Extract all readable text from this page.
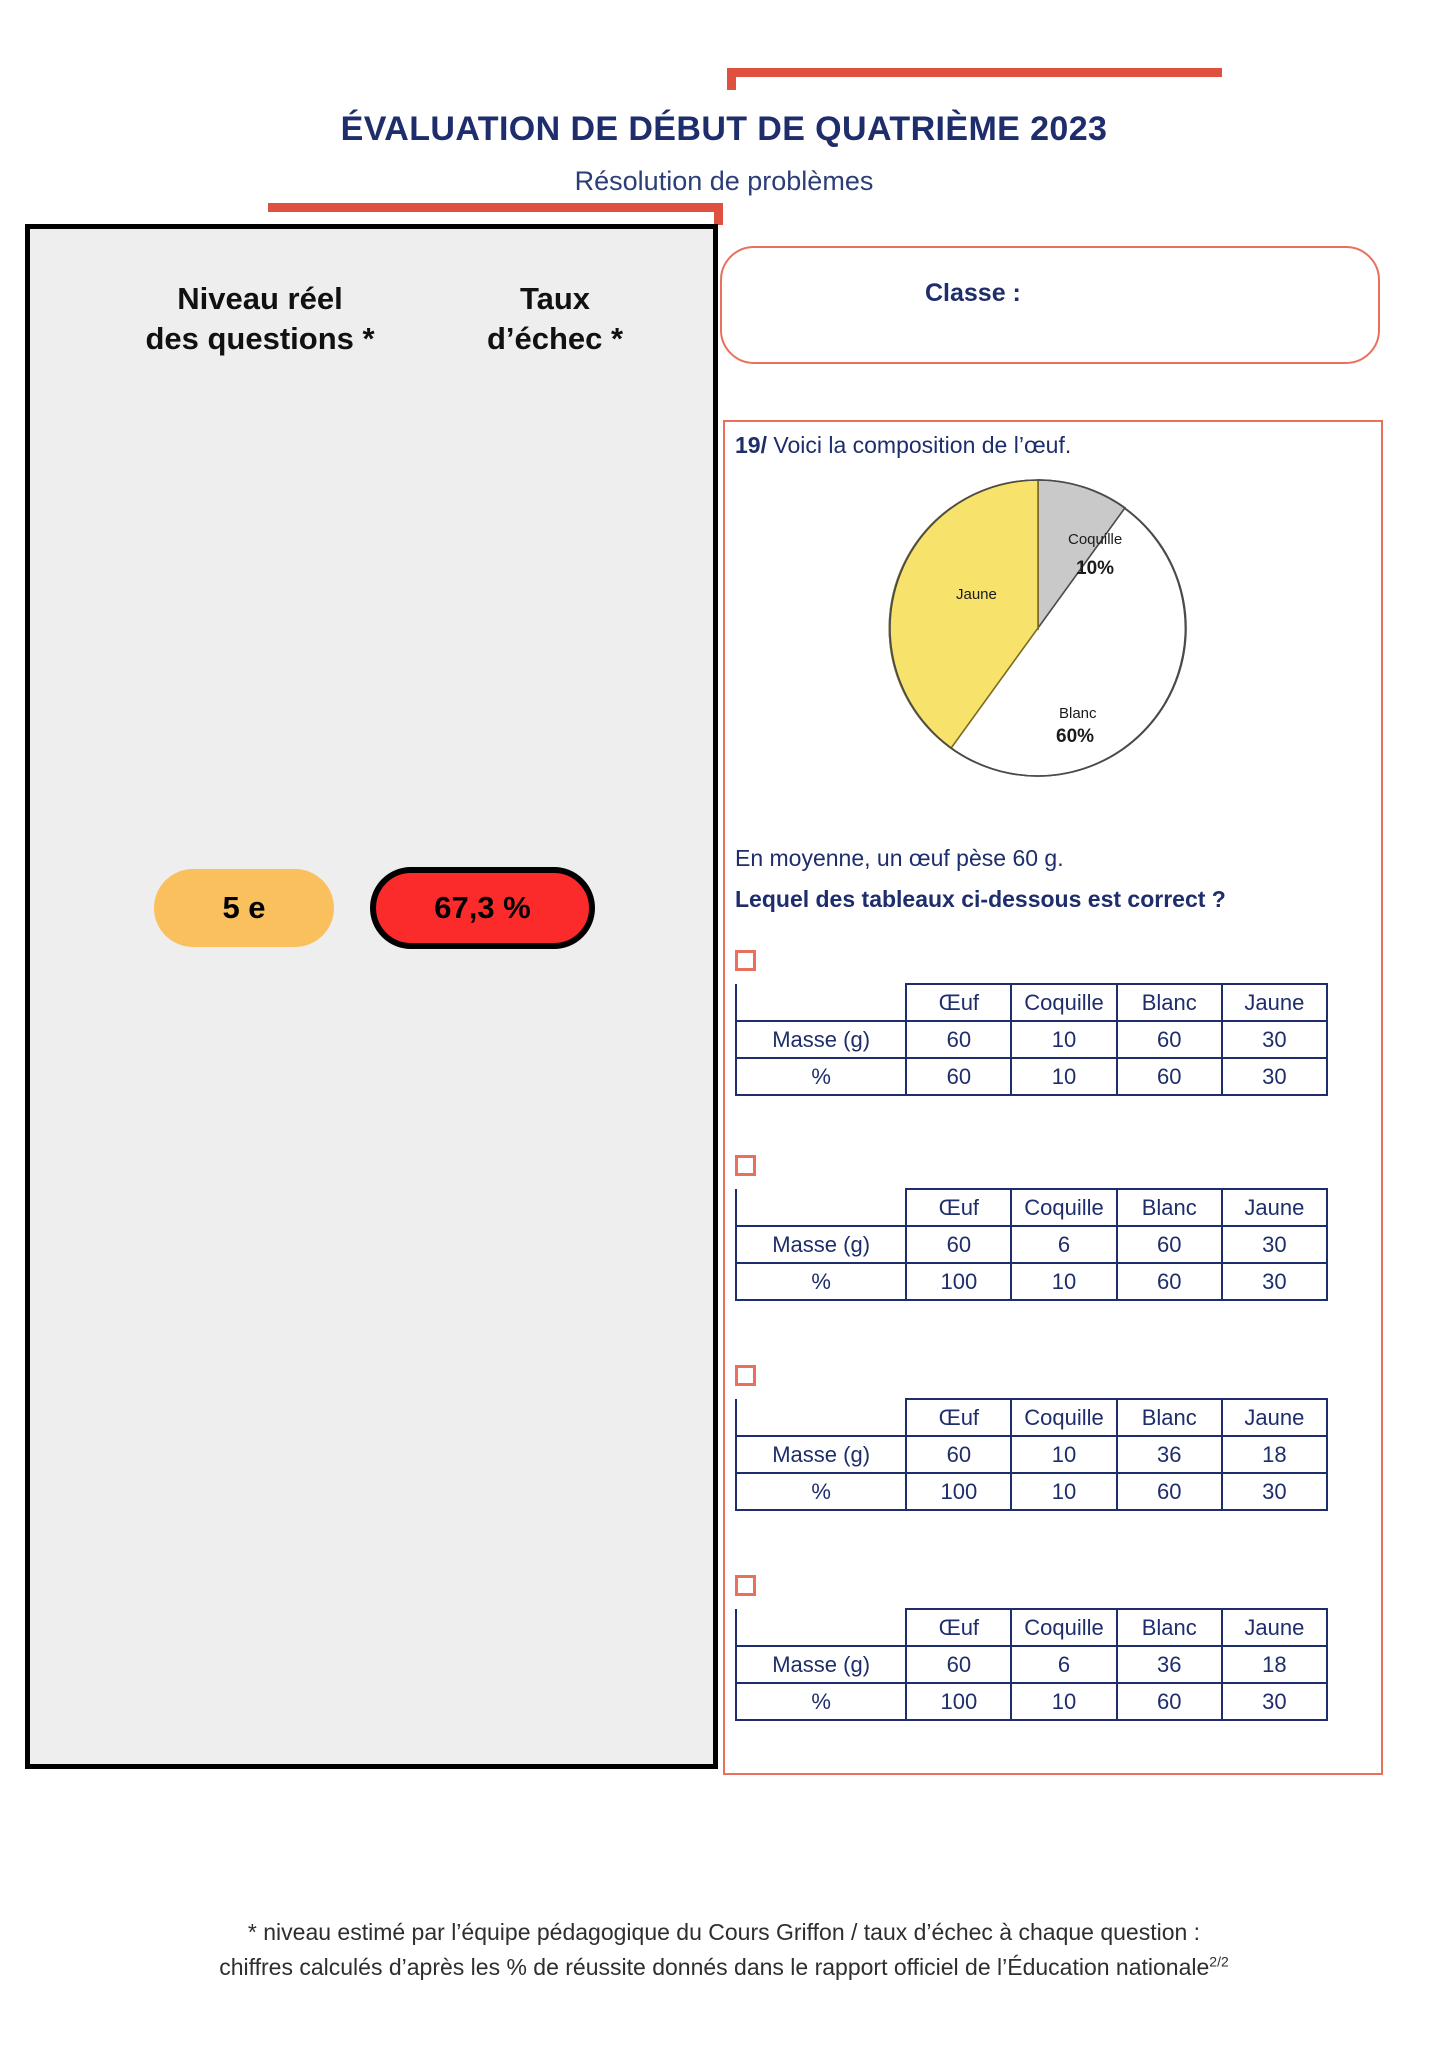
ÉVALUATION DE DÉBUT DE QUATRIÈME 2023
Résolution de problèmes
Classe :
19/ Voici la composition de l’œuf.
Coquille
10%
Jaune
Blanc
60%
En moyenne, un œuf pèse 60 g.
Lequel des tableaux ci-dessous est correct ?
	Œuf	Coquille	Blanc	Jaune
Masse (g)	60	10	60	30
%	60	10	60	30
	Œuf	Coquille	Blanc	Jaune
Masse (g)	60	6	60	30
%	100	10	60	30
	Œuf	Coquille	Blanc	Jaune
Masse (g)	60	10	36	18
%	100	10	60	30
	Œuf	Coquille	Blanc	Jaune
Masse (g)	60	6	36	18
%	100	10	60	30
Niveau réel
des questions *
Taux
d’échec *
5 e	67,3 %
* niveau estimé par l’équipe pédagogique du Cours Griffon / taux d’échec à chaque question :
chiffres calculés d’après les % de réussite donnés dans le rapport officiel de l’Éducation nationale$^{2/2}$
